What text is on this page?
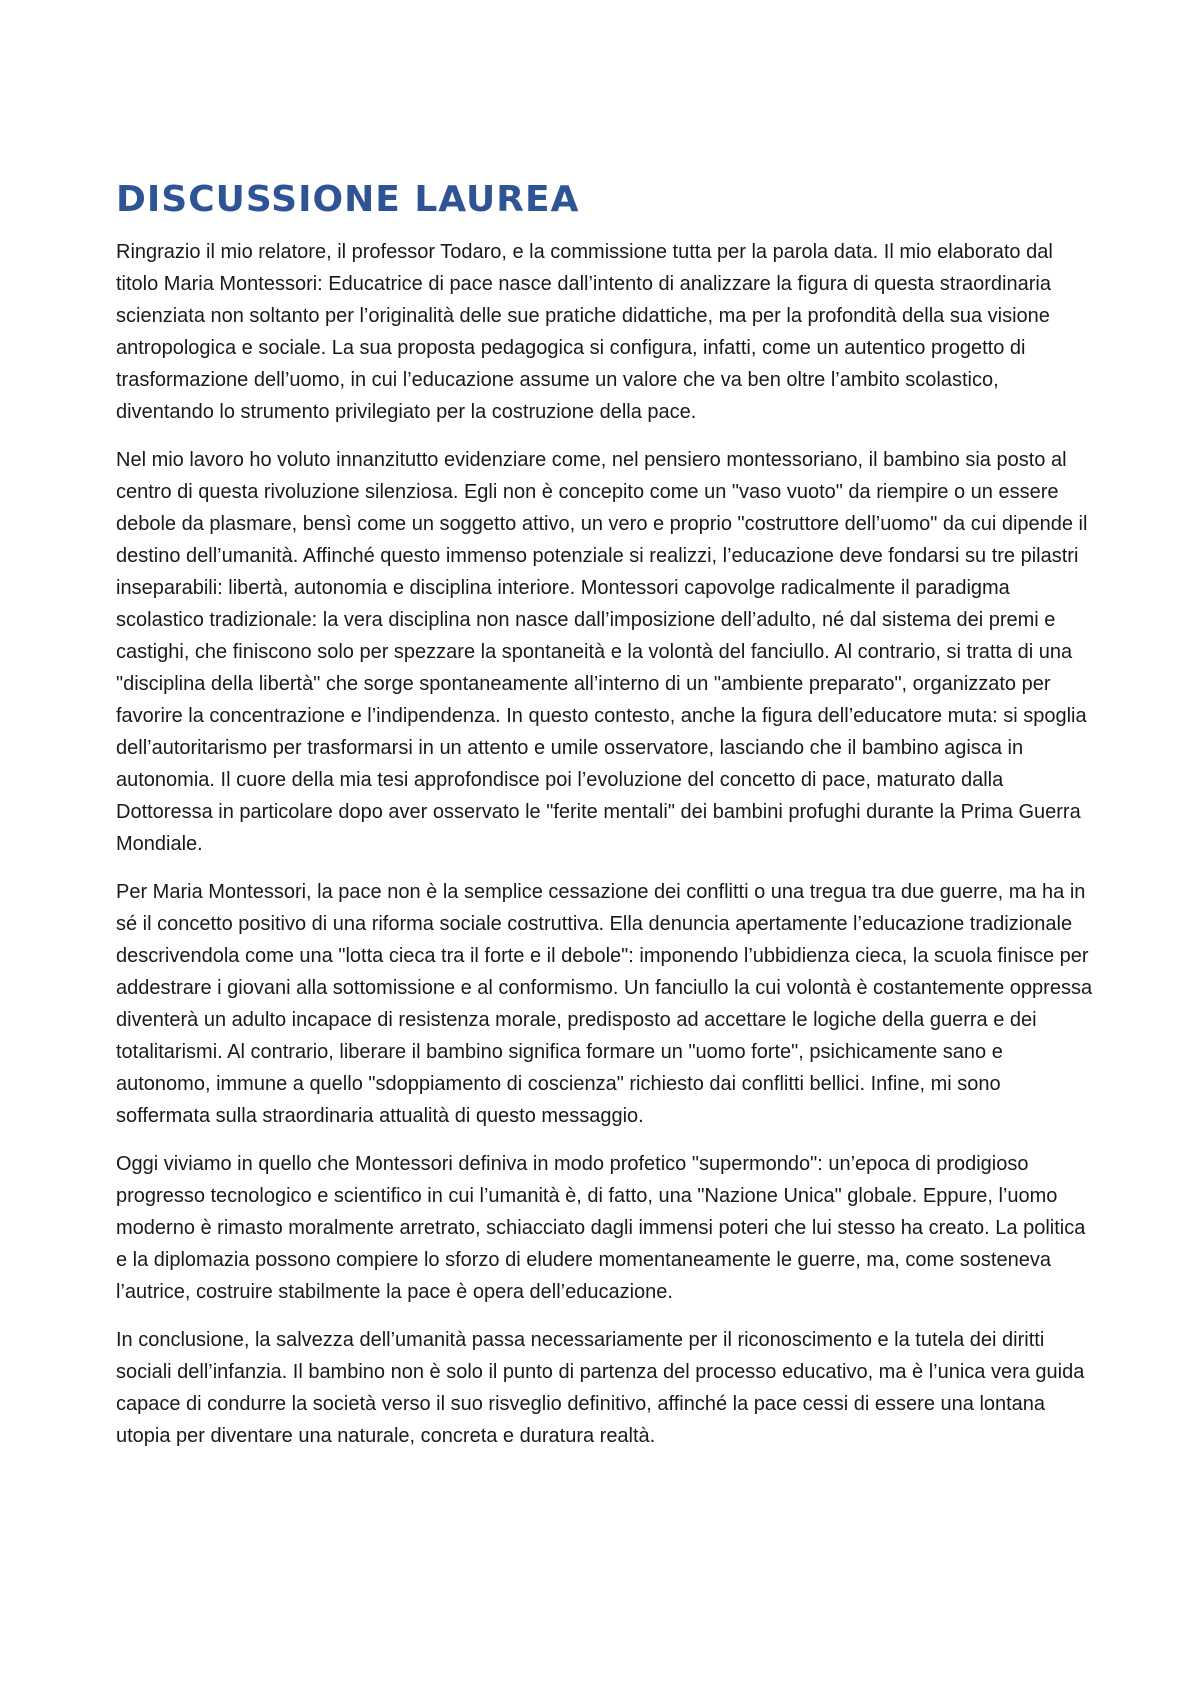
DISCUSSIONE LAUREA

Ringrazio il mio relatore, il professor Todaro, e la commissione tutta per la parola data. Il mio elaborato dal titolo Maria Montessori: Educatrice di pace nasce dall’intento di analizzare la figura di questa straordinaria scienziata non soltanto per l’originalità delle sue pratiche didattiche, ma per la profondità della sua visione antropologica e sociale. La sua proposta pedagogica si configura, infatti, come un autentico progetto di trasformazione dell’uomo, in cui l’educazione assume un valore che va ben oltre l’ambito scolastico, diventando lo strumento privilegiato per la costruzione della pace.

Nel mio lavoro ho voluto innanzitutto evidenziare come, nel pensiero montessoriano, il bambino sia posto al centro di questa rivoluzione silenziosa. Egli non è concepito come un "vaso vuoto" da riempire o un essere debole da plasmare, bensì come un soggetto attivo, un vero e proprio "costruttore dell’uomo" da cui dipende il destino dell’umanità. Affinché questo immenso potenziale si realizzi, l’educazione deve fondarsi su tre pilastri inseparabili: libertà, autonomia e disciplina interiore. Montessori capovolge radicalmente il paradigma scolastico tradizionale: la vera disciplina non nasce dall’imposizione dell’adulto, né dal sistema dei premi e castighi, che finiscono solo per spezzare la spontaneità e la volontà del fanciullo. Al contrario, si tratta di una "disciplina della libertà" che sorge spontaneamente all’interno di un "ambiente preparato", organizzato per favorire la concentrazione e l’indipendenza. In questo contesto, anche la figura dell’educatore muta: si spoglia dell’autoritarismo per trasformarsi in un attento e umile osservatore, lasciando che il bambino agisca in autonomia. Il cuore della mia tesi approfondisce poi l’evoluzione del concetto di pace, maturato dalla Dottoressa in particolare dopo aver osservato le "ferite mentali" dei bambini profughi durante la Prima Guerra Mondiale.

Per Maria Montessori, la pace non è la semplice cessazione dei conflitti o una tregua tra due guerre, ma ha in sé il concetto positivo di una riforma sociale costruttiva. Ella denuncia apertamente l’educazione tradizionale descrivendola come una "lotta cieca tra il forte e il debole": imponendo l’ubbidienza cieca, la scuola finisce per addestrare i giovani alla sottomissione e al conformismo. Un fanciullo la cui volontà è costantemente oppressa diventerà un adulto incapace di resistenza morale, predisposto ad accettare le logiche della guerra e dei totalitarismi. Al contrario, liberare il bambino significa formare un "uomo forte", psichicamente sano e autonomo, immune a quello "sdoppiamento di coscienza" richiesto dai conflitti bellici. Infine, mi sono soffermata sulla straordinaria attualità di questo messaggio.

Oggi viviamo in quello che Montessori definiva in modo profetico "supermondo": un’epoca di prodigioso progresso tecnologico e scientifico in cui l’umanità è, di fatto, una "Nazione Unica" globale. Eppure, l’uomo moderno è rimasto moralmente arretrato, schiacciato dagli immensi poteri che lui stesso ha creato. La politica e la diplomazia possono compiere lo sforzo di eludere momentaneamente le guerre, ma, come sosteneva l’autrice, costruire stabilmente la pace è opera dell’educazione.

In conclusione, la salvezza dell’umanità passa necessariamente per il riconoscimento e la tutela dei diritti sociali dell’infanzia. Il bambino non è solo il punto di partenza del processo educativo, ma è l’unica vera guida capace di condurre la società verso il suo risveglio definitivo, affinché la pace cessi di essere una lontana utopia per diventare una naturale, concreta e duratura realtà.
